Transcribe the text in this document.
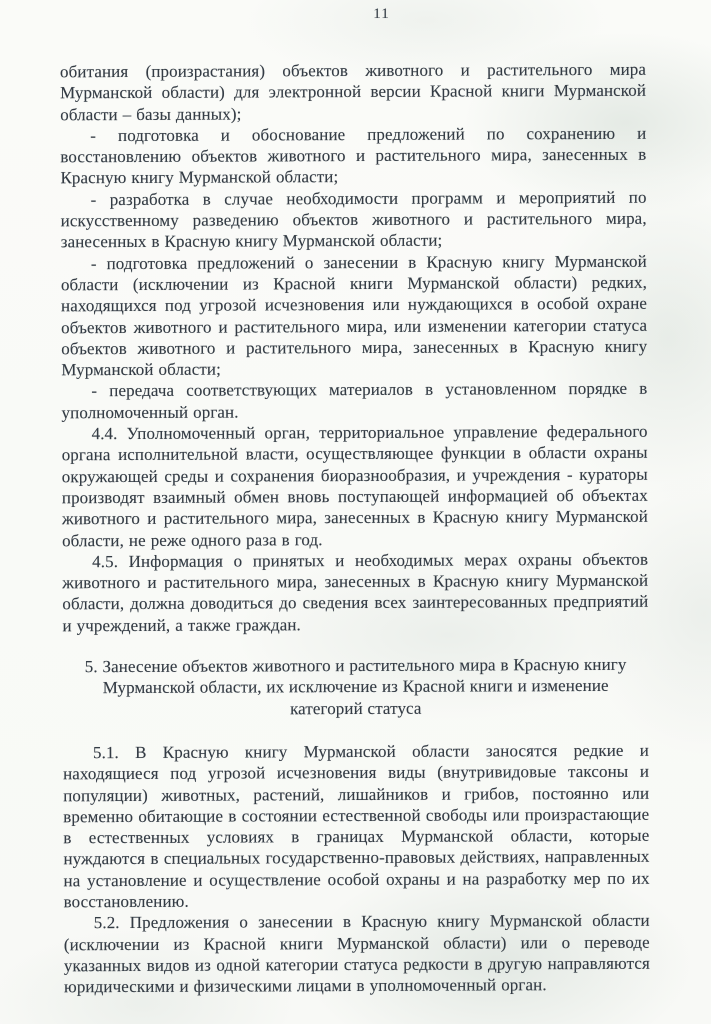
11

обитания (произрастания) объектов животного и растительного мира Мурманской области) для электронной версии Красной книги Мурманской области – базы данных);

- подготовка и обоснование предложений по сохранению и восстановлению объектов животного и растительного мира, занесенных в Красную книгу Мурманской области;

- разработка в случае необходимости программ и мероприятий по искусственному разведению объектов животного и растительного мира, занесенных в Красную книгу Мурманской области;

- подготовка предложений о занесении в Красную книгу Мурманской области (исключении из Красной книги Мурманской области) редких, находящихся под угрозой исчезновения или нуждающихся в особой охране объектов животного и растительного мира, или изменении категории статуса объектов животного и растительного мира, занесенных в Красную книгу Мурманской области;

- передача соответствующих материалов в установленном порядке в уполномоченный орган.

4.4. Уполномоченный орган, территориальное управление федерального органа исполнительной власти, осуществляющее функции в области охраны окружающей среды и сохранения биоразнообразия, и учреждения - кураторы производят взаимный обмен вновь поступающей информацией об объектах животного и растительного мира, занесенных в Красную книгу Мурманской области, не реже одного раза в год.

4.5. Информация о принятых и необходимых мерах охраны объектов животного и растительного мира, занесенных в Красную книгу Мурманской области, должна доводиться до сведения всех заинтересованных предприятий и учреждений, а также граждан.

5. Занесение объектов животного и растительного мира в Красную книгу Мурманской области, их исключение из Красной книги и изменение категорий статуса

5.1. В Красную книгу Мурманской области заносятся редкие и находящиеся под угрозой исчезновения виды (внутривидовые таксоны и популяции) животных, растений, лишайников и грибов, постоянно или временно обитающие в состоянии естественной свободы или произрастающие в естественных условиях в границах Мурманской области, которые нуждаются в специальных государственно-правовых действиях, направленных на установление и осуществление особой охраны и на разработку мер по их восстановлению.

5.2. Предложения о занесении в Красную книгу Мурманской области (исключении из Красной книги Мурманской области) или о переводе указанных видов из одной категории статуса редкости в другую направляются юридическими и физическими лицами в уполномоченный орган.
